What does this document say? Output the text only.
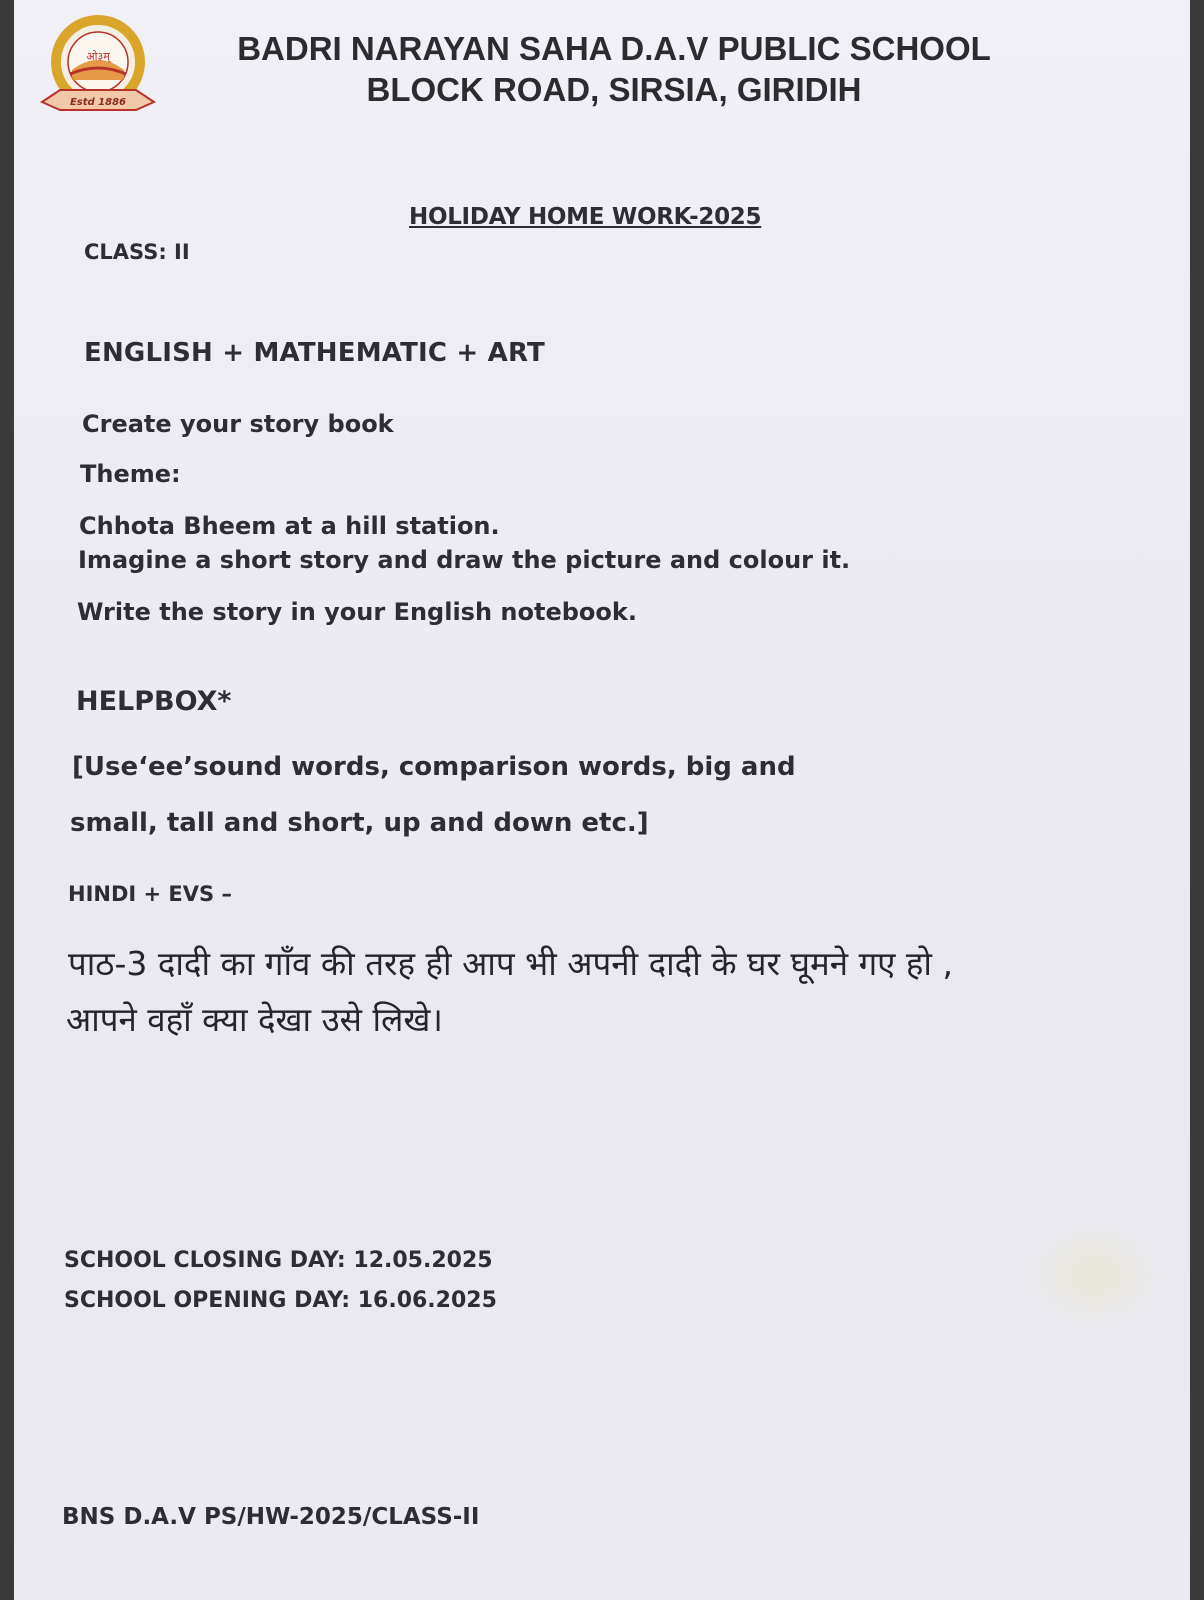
ओ३म्
Estd 1886
BADRI NARAYAN SAHA D.A.V PUBLIC SCHOOL
BLOCK ROAD, SIRSIA, GIRIDIH

HOLIDAY HOME WORK-2025

CLASS: II

ENGLISH + MATHEMATIC + ART

Create your story book

Theme:

Chhota Bheem at a hill station.

Imagine a short story and draw the picture and colour it.

Write the story in your English notebook.

HELPBOX*

[Use‘ee’sound words, comparison words, big and

small, tall and short, up and down etc.]

HINDI + EVS –

पाठ-3 दादी का गाँव की तरह ही आप भी अपनी दादी के घर घूमने गए हो ,

आपने वहाँ क्या देखा उसे लिखे।

SCHOOL CLOSING DAY: 12.05.2025

SCHOOL OPENING DAY: 16.06.2025

BNS D.A.V PS/HW-2025/CLASS-II
